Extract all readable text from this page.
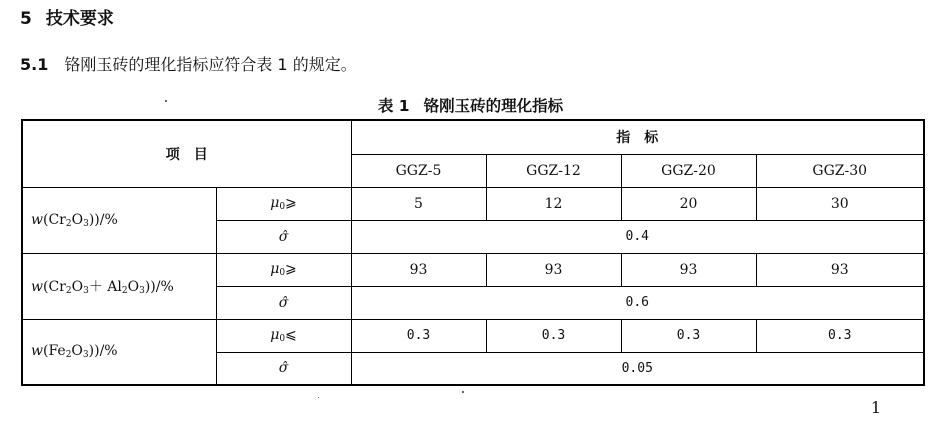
5 技术要求
5.1 铬刚玉砖的理化指标应符合表 1 的规定。
表 1 铬刚玉砖的理化指标
项　目		指　标			
		GGZ-5	GGZ-12	GGZ-20	GGZ-30
$w(Cr_2O_3))/\%$	$\mu_0⩾$	5	12	20	30
	σ̂	0.4			
$w(Cr_2O_3+ Al_2O_3))/\%$	$\mu_0⩾$	93	93	93	93
	σ̂	0.6			
$w(Fe_2O_3))/\%$	$\mu_0⩽$	0.3	0.3	0.3	0.3
	σ̂	0.05			
1
